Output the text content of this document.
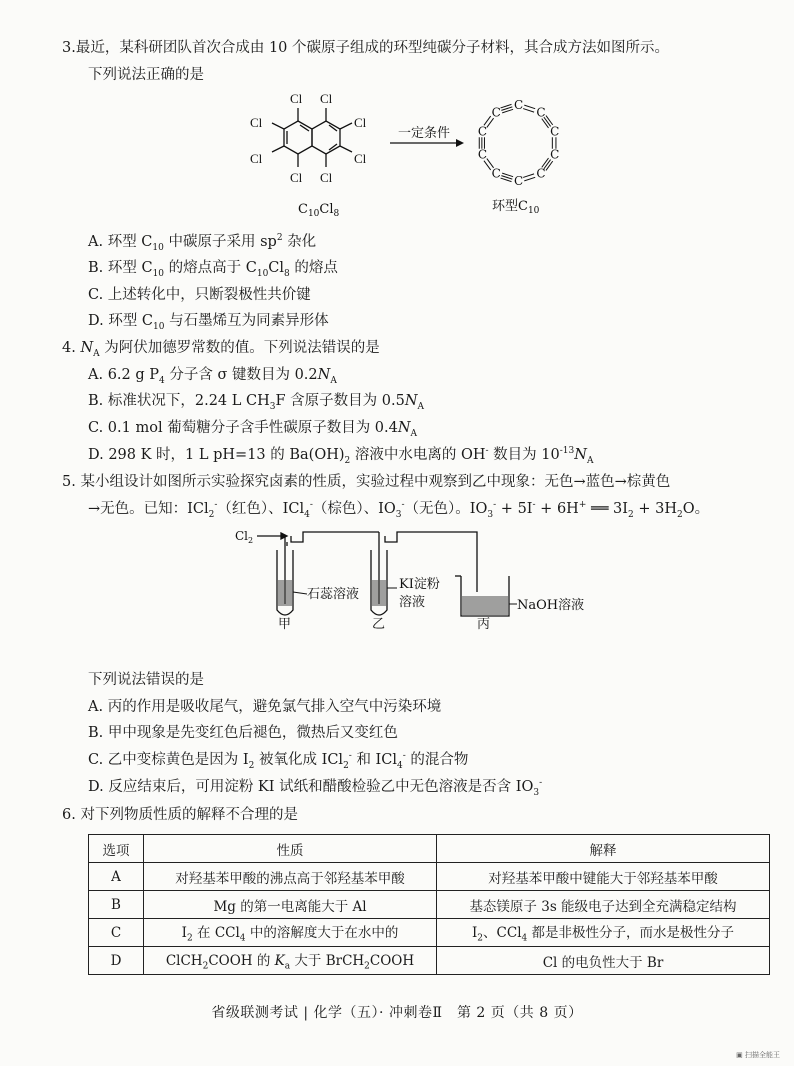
3.最近，某科研团队首次合成由 10 个碳原子组成的环型纯碳分子材料，其合成方法如图所示。
下列说法正确的是
Cl Cl
Cl	Cl
Cl	Cl
Cl Cl
$C_{10}Cl_8$
一定条件
C
C
C
C
C
C
C
C
C
C
环型$C_{10}$
A. 环型 $C_{10}$ 中碳原子采用 $sp^2$ 杂化
B. 环型 $C_{10}$ 的熔点高于 $C_{10}Cl_8$ 的熔点
C. 上述转化中，只断裂极性共价键
D. 环型 $C_{10}$ 与石墨烯互为同素异形体
4. $N_A$ 为阿伏加德罗常数的值。下列说法错误的是
A. 6.2 g $P_4$ 分子含 σ 键数目为 $0.2N_A$
B. 标准状况下，2.24 L $CH_3F$ 含原子数目为 $0.5N_A$
C. 0.1 mol 葡萄糖分子含手性碳原子数目为 $0.4N_A$
D. 298 K 时，1 L pH=13 的 $Ba(OH)_2$ 溶液中水电离的 OH- 数目为 $10^{-13}N_A$
5. 某小组设计如图所示实验探究卤素的性质，实验过程中观察到乙中现象：无色→蓝色→棕黄色
→无色。已知：ICl$_2$-（红色）、ICl$_4$-（棕色）、$IO_3^-$（无色）。$IO_3^- + 5I^- + 6H^+$ ══ $3I_2 + 3H_2O$。
$Cl_2$
石蕊溶液
KI淀粉
溶液	NaOH溶液
甲	乙	丙
下列说法错误的是
A. 丙的作用是吸收尾气，避免氯气排入空气中污染环境
B. 甲中现象是先变红色后褪色，微热后又变红色
C. 乙中变棕黄色是因为 $I_2$ 被氧化成 ICl$_2$- 和 ICl$_4$- 的混合物
D. 反应结束后，可用淀粉 KI 试纸和醋酸检验乙中无色溶液是否含 $IO_3^-$
6. 对下列物质性质的解释不合理的是
选项	性质	解释
A	对羟基苯甲酸的沸点高于邻羟基苯甲酸	对羟基苯甲酸中键能大于邻羟基苯甲酸
B	Mg 的第一电离能大于 Al	基态镁原子 3s 能级电子达到全充满稳定结构
C	$I_2$ 在 CCl$_4$ 中的溶解度大于在水中的	$I_2$、CCl$_4$ 都是非极性分子，而水是极性分子
D	ClCH$_2$COOH 的 $K_a$ 大于 BrCH$_2$COOH	Cl 的电负性大于 Br
省级联测考试 | 化学（五）· 冲刺卷Ⅱ　第 2 页（共 8 页）
▣ 扫描全能王
